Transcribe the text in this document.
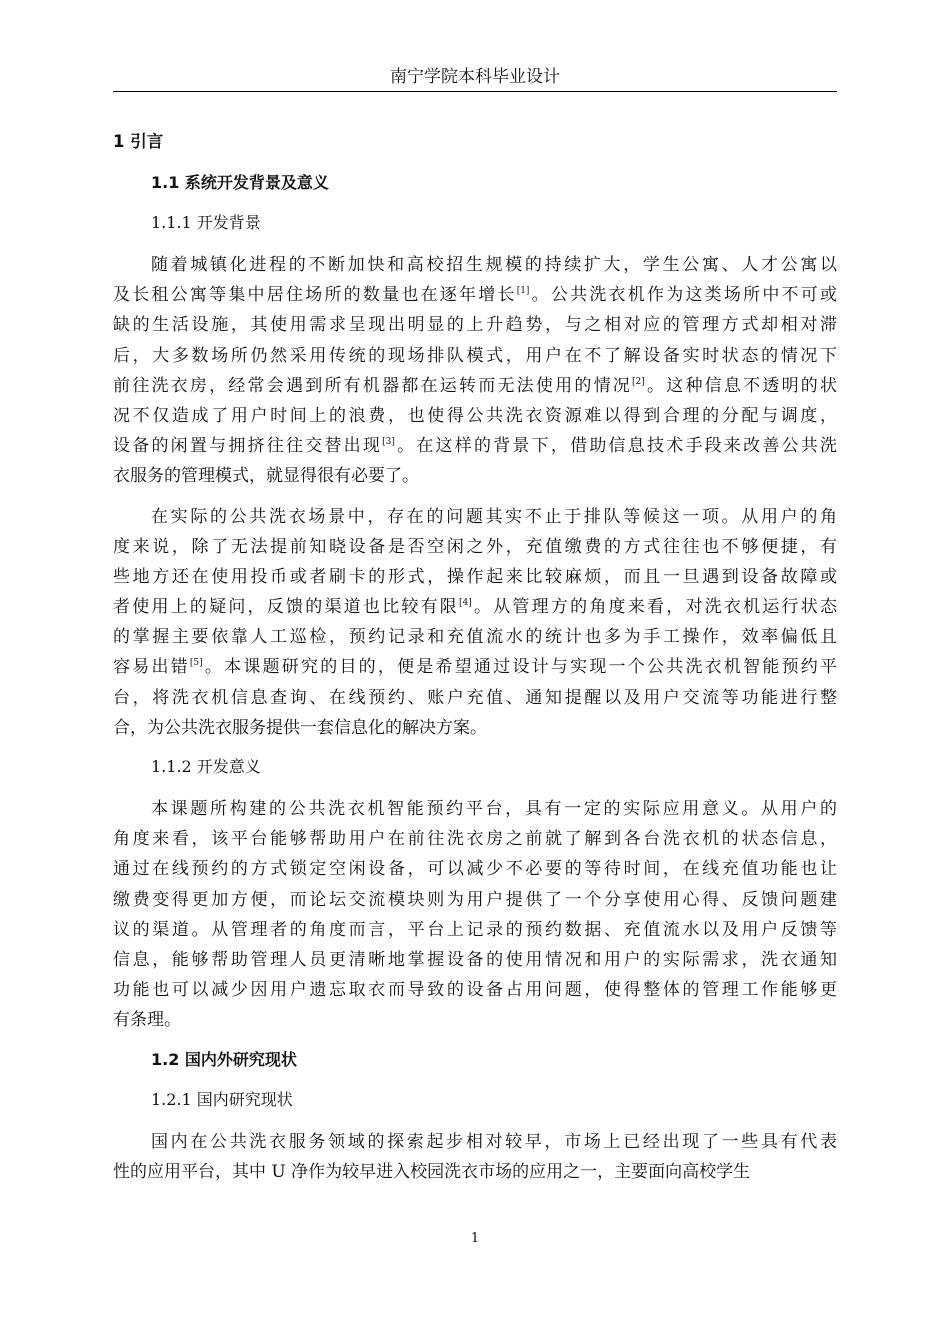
南宁学院本科毕业设计
1 引言
1.1 系统开发背景及意义
1.1.1 开发背景
随着城镇化进程的不断加快和高校招生规模的持续扩大，学生公寓、人才公寓以
及长租公寓等集中居住场所的数量也在逐年增长[1]。公共洗衣机作为这类场所中不可或
缺的生活设施，其使用需求呈现出明显的上升趋势，与之相对应的管理方式却相对滞
后，大多数场所仍然采用传统的现场排队模式，用户在不了解设备实时状态的情况下
前往洗衣房，经常会遇到所有机器都在运转而无法使用的情况[2]。这种信息不透明的状
况不仅造成了用户时间上的浪费，也使得公共洗衣资源难以得到合理的分配与调度，
设备的闲置与拥挤往往交替出现[3]。在这样的背景下，借助信息技术手段来改善公共洗
衣服务的管理模式，就显得很有必要了。
在实际的公共洗衣场景中，存在的问题其实不止于排队等候这一项。从用户的角
度来说，除了无法提前知晓设备是否空闲之外，充值缴费的方式往往也不够便捷，有
些地方还在使用投币或者刷卡的形式，操作起来比较麻烦，而且一旦遇到设备故障或
者使用上的疑问，反馈的渠道也比较有限[4]。从管理方的角度来看，对洗衣机运行状态
的掌握主要依靠人工巡检，预约记录和充值流水的统计也多为手工操作，效率偏低且
容易出错[5]。本课题研究的目的，便是希望通过设计与实现一个公共洗衣机智能预约平
台，将洗衣机信息查询、在线预约、账户充值、通知提醒以及用户交流等功能进行整
合，为公共洗衣服务提供一套信息化的解决方案。
1.1.2 开发意义
本课题所构建的公共洗衣机智能预约平台，具有一定的实际应用意义。从用户的
角度来看，该平台能够帮助用户在前往洗衣房之前就了解到各台洗衣机的状态信息，
通过在线预约的方式锁定空闲设备，可以减少不必要的等待时间，在线充值功能也让
缴费变得更加方便，而论坛交流模块则为用户提供了一个分享使用心得、反馈问题建
议的渠道。从管理者的角度而言，平台上记录的预约数据、充值流水以及用户反馈等
信息，能够帮助管理人员更清晰地掌握设备的使用情况和用户的实际需求，洗衣通知
功能也可以减少因用户遗忘取衣而导致的设备占用问题，使得整体的管理工作能够更
有条理。
1.2 国内外研究现状
1.2.1 国内研究现状
国内在公共洗衣服务领域的探索起步相对较早，市场上已经出现了一些具有代表
性的应用平台，其中 U 净作为较早进入校园洗衣市场的应用之一，主要面向高校学生
1
